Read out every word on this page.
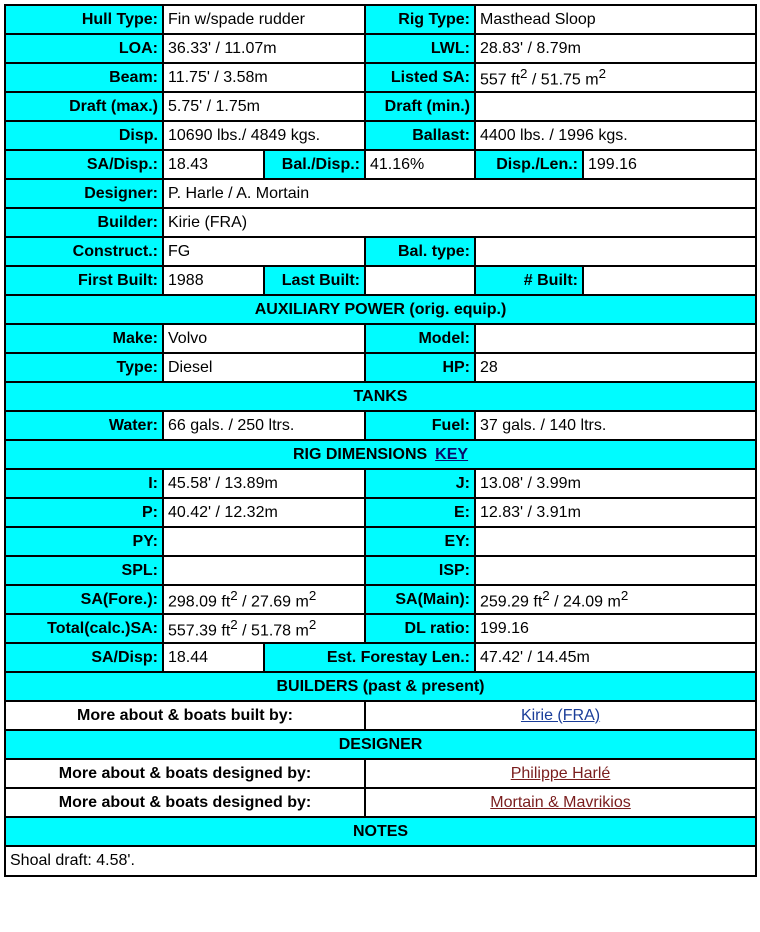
Hull Type:	Fin w/spade rudder		Rig Type:	Masthead Sloop	
LOA:	36.33' / 11.07m		LWL:	28.83' / 8.79m	
Beam:	11.75' / 3.58m		Listed SA:	557 $ft^2 / 51.75$ $m^2$
Draft (max.)	5.75' / 1.75m		Draft (min.)		
Disp.	10690 lbs./ 4849 kgs.		Ballast:	4400 lbs. / 1996 kgs.	
SA/Disp.:	18.43	Bal./Disp.:	41.16%	Disp./Len.:	199.16
Designer:	P. Harle / A. Mortain				
Builder:	Kirie (FRA)				
Construct.:	FG		Bal. type:		
First Built:	1988	Last Built:		# Built:	
AUXILIARY POWER (orig. equip.)					
Make:	Volvo		Model:		
Type:	Diesel		HP:	28	
TANKS					
Water:	66 gals. / 250 ltrs.		Fuel:	37 gals. / 140 ltrs.	
RIG DIMENSIONS KEY					
I:	45.58' / 13.89m		J:	13.08' / 3.99m	
P:	40.42' / 12.32m		E:	12.83' / 3.91m	
PY:			EY:		
SPL:			ISP:		
SA(Fore.):	298.09 $ft^2 / 27.69$ $m^2$		SA(Main):	259.29 $ft^2 / 24.09$ $m^2$
Total(calc.)SA:	557.39 $ft^2 / 51.78$ $m^2$		DL ratio:	199.16	
SA/Disp:	18.44	Est. Forestay Len.:		47.42' / 14.45m	
BUILDERS (past & present)					
More about & boats built by:			Kirie (FRA)		
DESIGNER					
More about & boats designed by:			Philippe Harlé		
More about & boats designed by:			Mortain & Mavrikios		
NOTES					
Shoal draft: 4.58'.					
